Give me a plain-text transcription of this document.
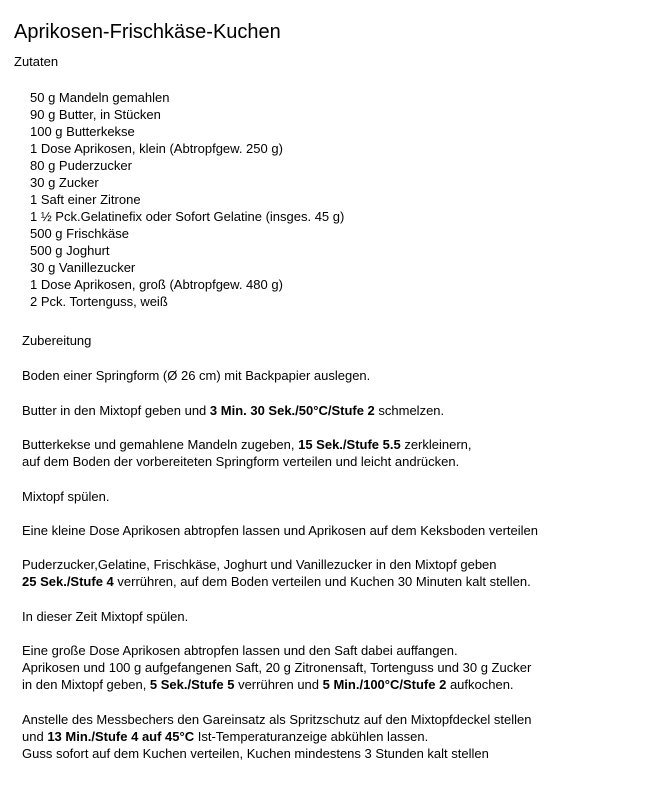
Aprikosen-Frischkäse-Kuchen
Zutaten
50 g Mandeln gemahlen
90 g Butter, in Stücken
100 g Butterkekse
1 Dose Aprikosen, klein (Abtropfgew. 250 g)
80 g Puderzucker
30 g Zucker
1 Saft einer Zitrone
1 ½ Pck.Gelatinefix oder Sofort Gelatine (insges. 45 g)
500 g Frischkäse
500 g Joghurt
30 g Vanillezucker
1 Dose Aprikosen, groß (Abtropfgew. 480 g)
2 Pck. Tortenguss, weiß
Zubereitung

Boden einer Springform (Ø 26 cm) mit Backpapier auslegen.

Butter in den Mixtopf geben und 3 Min. 30 Sek./50°C/Stufe 2 schmelzen.

Butterkekse und gemahlene Mandeln zugeben, 15 Sek./Stufe 5.5 zerkleinern,
auf dem Boden der vorbereiteten Springform verteilen und leicht andrücken.

Mixtopf spülen.

Eine kleine Dose Aprikosen abtropfen lassen und Aprikosen auf dem Keksboden verteilen

Puderzucker,Gelatine, Frischkäse, Joghurt und Vanillezucker in den Mixtopf geben
25 Sek./Stufe 4 verrühren, auf dem Boden verteilen und Kuchen 30 Minuten kalt stellen.

In dieser Zeit Mixtopf spülen.

Eine große Dose Aprikosen abtropfen lassen und den Saft dabei auffangen.
Aprikosen und 100 g aufgefangenen Saft, 20 g Zitronensaft, Tortenguss und 30 g Zucker
in den Mixtopf geben, 5 Sek./Stufe 5 verrühren und 5 Min./100°C/Stufe 2 aufkochen.

Anstelle des Messbechers den Gareinsatz als Spritzschutz auf den Mixtopfdeckel stellen
und 13 Min./Stufe 4 auf 45°C Ist-Temperaturanzeige abkühlen lassen.
Guss sofort auf dem Kuchen verteilen, Kuchen mindestens 3 Stunden kalt stellen
